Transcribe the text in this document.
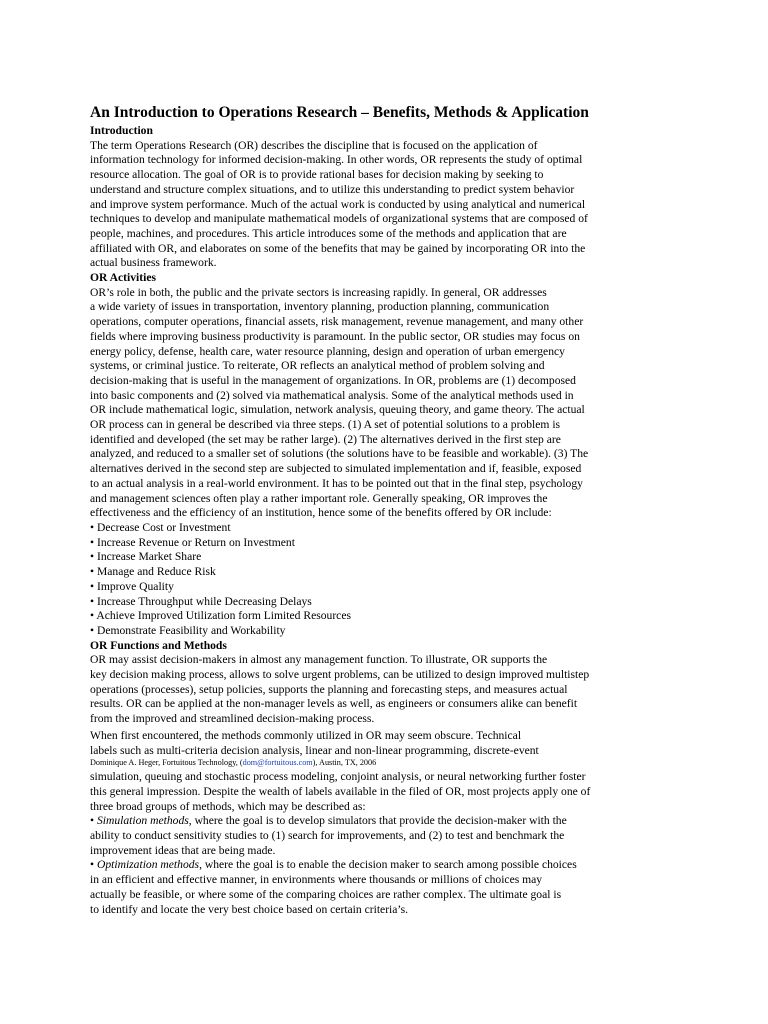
An Introduction to Operations Research – Benefits, Methods & Application
Introduction
The term Operations Research (OR) describes the discipline that is focused on the application of
information technology for informed decision-making. In other words, OR represents the study of optimal
resource allocation. The goal of OR is to provide rational bases for decision making by seeking to
understand and structure complex situations, and to utilize this understanding to predict system behavior
and improve system performance. Much of the actual work is conducted by using analytical and numerical
techniques to develop and manipulate mathematical models of organizational systems that are composed of
people, machines, and procedures. This article introduces some of the methods and application that are
affiliated with OR, and elaborates on some of the benefits that may be gained by incorporating OR into the
actual business framework.
OR Activities
OR’s role in both, the public and the private sectors is increasing rapidly. In general, OR addresses
a wide variety of issues in transportation, inventory planning, production planning, communication
operations, computer operations, financial assets, risk management, revenue management, and many other
fields where improving business productivity is paramount. In the public sector, OR studies may focus on
energy policy, defense, health care, water resource planning, design and operation of urban emergency
systems, or criminal justice. To reiterate, OR reflects an analytical method of problem solving and
decision-making that is useful in the management of organizations. In OR, problems are (1) decomposed
into basic components and (2) solved via mathematical analysis. Some of the analytical methods used in
OR include mathematical logic, simulation, network analysis, queuing theory, and game theory. The actual
OR process can in general be described via three steps. (1) A set of potential solutions to a problem is
identified and developed (the set may be rather large). (2) The alternatives derived in the first step are
analyzed, and reduced to a smaller set of solutions (the solutions have to be feasible and workable). (3) The
alternatives derived in the second step are subjected to simulated implementation and if, feasible, exposed
to an actual analysis in a real-world environment. It has to be pointed out that in the final step, psychology
and management sciences often play a rather important role. Generally speaking, OR improves the
effectiveness and the efficiency of an institution, hence some of the benefits offered by OR include:
• Decrease Cost or Investment
• Increase Revenue or Return on Investment
• Increase Market Share
• Manage and Reduce Risk
• Improve Quality
• Increase Throughput while Decreasing Delays
• Achieve Improved Utilization form Limited Resources
• Demonstrate Feasibility and Workability
OR Functions and Methods
OR may assist decision-makers in almost any management function. To illustrate, OR supports the
key decision making process, allows to solve urgent problems, can be utilized to design improved multistep
operations (processes), setup policies, supports the planning and forecasting steps, and measures actual
results. OR can be applied at the non-manager levels as well, as engineers or consumers alike can benefit
from the improved and streamlined decision-making process.
When first encountered, the methods commonly utilized in OR may seem obscure. Technical
labels such as multi-criteria decision analysis, linear and non-linear programming, discrete-event
Dominique A. Heger, Fortuitous Technology, (dom@fortuitous.com), Austin, TX, 2006
simulation, queuing and stochastic process modeling, conjoint analysis, or neural networking further foster
this general impression. Despite the wealth of labels available in the filed of OR, most projects apply one of
three broad groups of methods, which may be described as:
• Simulation methods, where the goal is to develop simulators that provide the decision-maker with the
ability to conduct sensitivity studies to (1) search for improvements, and (2) to test and benchmark the
improvement ideas that are being made.
• Optimization methods, where the goal is to enable the decision maker to search among possible choices
in an efficient and effective manner, in environments where thousands or millions of choices may
actually be feasible, or where some of the comparing choices are rather complex. The ultimate goal is
to identify and locate the very best choice based on certain criteria’s.
